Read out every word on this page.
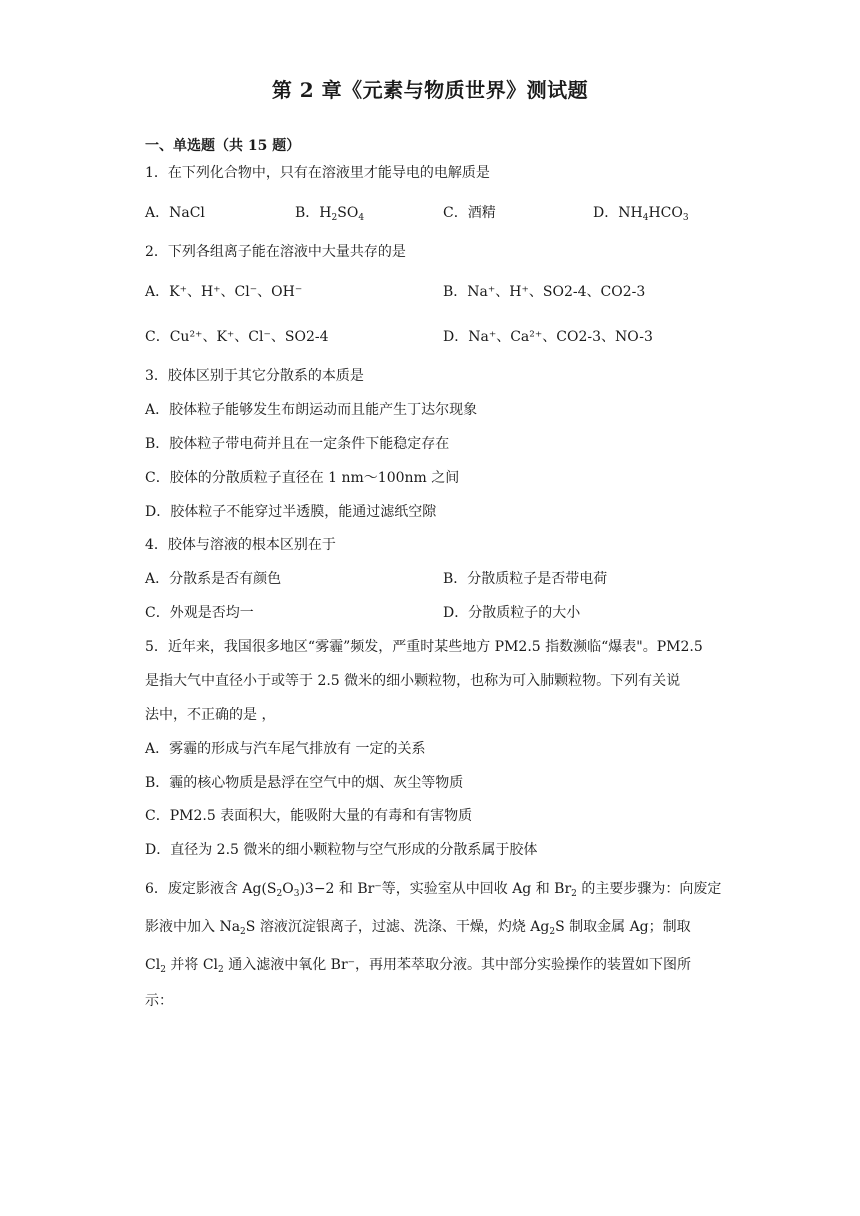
第 2 章《元素与物质世界》测试题
一、单选题（共 15 题）
1．在下列化合物中，只有在溶液里才能导电的电解质是
A．NaCl	B．$H_2SO_4$	C．酒精	D．$NH_4HCO_3$
2．下列各组离子能在溶液中大量共存的是
A．K⁺、H⁺、Cl⁻、OH⁻	B．Na⁺、H⁺、SO2-4、CO2-3
C．Cu²⁺、K⁺、Cl⁻、SO2-4	D．Na⁺、Ca²⁺、CO2-3、NO-3
3．胶体区别于其它分散系的本质是
A．胶体粒子能够发生布朗运动而且能产生丁达尔现象
B．胶体粒子带电荷并且在一定条件下能稳定存在
C．胶体的分散质粒子直径在 1 nm～100nm 之间
D．胶体粒子不能穿过半透膜，能通过滤纸空隙
4．胶体与溶液的根本区别在于
A．分散系是否有颜色	B．分散质粒子是否带电荷
C．外观是否均一	D．分散质粒子的大小
5．近年来，我国很多地区“雾霾”频发，严重时某些地方 PM2.5 指数濒临“爆表"。PM2.5
是指大气中直径小于或等于 2.5 微米的细小颗粒物，也称为可入肺颗粒物。下列有关说
法中，不正确的是 ，
A．雾霾的形成与汽车尾气排放有 一定的关系
B．霾的核心物质是悬浮在空气中的烟、灰尘等物质
C．PM2.5 表面积大，能吸附大量的有毒和有害物质
D．直径为 2.5 微米的细小颗粒物与空气形成的分散系属于胶体
6．废定影液含 $Ag(S_2O_3)3-2$ 和 Br⁻等，实验室从中回收 Ag 和 $Br_2$ 的主要步骤为：向废定
影液中加入 $Na_2S$ 溶液沉淀银离子，过滤、洗涤、干燥，灼烧 $Ag_2S$ 制取金属 Ag；制取
$Cl_2$ 并将 $Cl_2$ 通入滤液中氧化 Br⁻，再用苯萃取分液。其中部分实验操作的装置如下图所
示：
